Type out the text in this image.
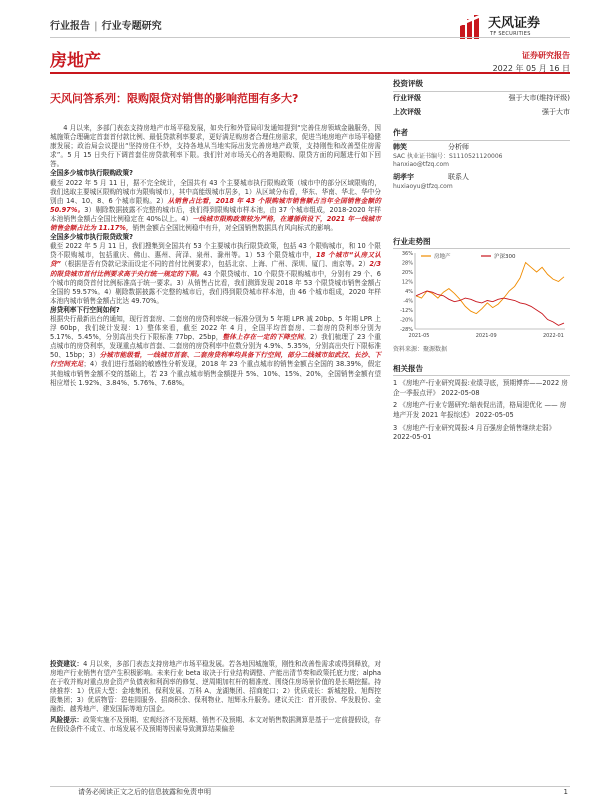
行业报告 | 行业专题研究	天风证券
TF SECURITIES
房地产	证券研究报告
2022 年 05 月 16 日
天风问答系列：限购限贷对销售的影响范围有多大?

4 月以来，多部门表态支持房地产市场平稳发展，如央行和外管局印发通知提到“完善住房领域金融服务，因城施策合理确定首套首付款比例、最低贷款利率要求，更好满足购房者合理住房需求，促进当地房地产市场平稳健康发展；政治局会议提出“坚持房住不炒，支持各地从当地实际出发完善房地产政策，支持刚性和改善型住房需求”。5 月 15 日央行下调首套住房贷款利率下限。我们针对市场关心的各地限购、限贷方面的问题进行如下回答。

全国多少城市执行限购政策?

截至 2022 年 5 月 11 日，据不完全统计，全国共有 43 个主要城市执行限购政策（城市中的部分区域限购的，我们选取主要城区限购的城市为限购城市），其中高能级城市居多，1）从区域分布看，华东、华南、华北、华中分别由 14、10、8、6 个城市限购。2）从销售占比看，2018 年 43 个限购城市销售额占当年全国销售金额的 50.97%。3）剔除数据披露不完整的城市后，我们得到限购城市样本池，由 37 个城市组成，2018-2020 年样本池销售金额占全国比例稳定在 40%以上。4）一线城市限购政策较为严格，在遵循供设下，2021 年一线城市销售金额占比为 11.17%，销售金额占全国比例稳中有升，对全国销售数据具有风向标式的影响。

全国多少城市执行限贷政策?

截至 2022 年 5 月 11 日，我们搜集到全国共有 53 个主要城市执行限贷政策，包括 43 个限购城市，和 10 个限贷不限购城市，包括重庆、佛山、惠州、菏泽、泉州、滁州等。1）53 个限贷城市中，18 个城市“认房又认贷”（根据是否有贷款记录而设定不同的首付比例要求），包括北京、上海、广州、深圳、厦门、南京等。2）2/3 的限贷城市首付比例要求高于央行统一规定的下限。43 个限贷城市、10 个限贷不限购城市中，分别有 29 个、6 个城市的商贷首付比例标准高于统一要求。3）从销售占比看，我们测算发现 2018 年 53 个限贷城市销售金额占全国的 59.57%。4）剔除数据披露不完整的城市后，我们得到限贷城市样本池，由 46 个城市组成，2020 年样本池内城市销售金额占比达 49.70%。

房贷利率下行空间如何?

根据央行最新出台的通知，现行首套房、二套房的房贷利率统一标准分别为 5 年期 LPR 减 20bp、5 年期 LPR 上浮 60bp，我们统计发现：1）整体来看，截至 2022 年 4 月，全国平均首套房、二套房的贷利率分别为 5.17%、5.45%，分别高出央行下限标准 77bp、25bp，整体上存在一定的下降空间。2）我们梳理了 23 个重点城市的房贷利率，发现重点城市首套、二套房的房贷利率中位数分别为 4.9%、5.35%，分别高出央行下限标准 50、15bp；3）分城市能级看，一线城市首套、二套房贷利率均具备下行空间，部分二线城市如武汉、长沙、下行空间充足；4）我们进行基础的敏感性分析发现，2018 年 23 个重点城市的销售金额占全国的 38.39%，假定其他城市销售金额不变的基础上，若 23 个重点城市销售金额提升 5%、10%、15%、20%，全国销售金额有望相应增长 1.92%、3.84%、5.76%、7.68%。

投资建议：4 月以来，多部门表态支持房地产市场平稳发展。若各地因城施策，刚性和改善性需求或得到释放，对房地产行业销售有望产生积极影响。未来行业 beta 取决于行业结构调整、产能出清节奏和政策托底力度；alpha 在于收并购对重点房企资产负债表和利润率的修复、逆周期加杠杆的精准度、围绕住房场景价值的是长期挖掘。持续推荐：1）优质大型：金地集团、保利发展、万科 A、龙湖集团、招商蛇口；2）优质成长：新城控股、旭辉控股集团；3）优质物管：碧桂园服务、招商积余、保利物业、旭辉永升服务。建议关注：首开股份、华发股份、金融街、越秀地产、建发国际等地方国企。

风险提示：政策实施不及预期、宏观经济不及预期、销售不及预期、本文对销售数据测算是基于一定前提假设，存在假设条件不成立、市场发展不及预期等因素导致测算结果偏差

投资评级
行业评级	强于大市(维持评级)
上次评级	强于大市
作者
韩笑	分析师
SAC 执业证书编号：S1110521120006
hanxiao@tfzq.com
胡孝宇	联系人
huxiaoyu@tfzq.com
行业走势图
36%
28%
20%
12%
4%
-4%
-12%
-20%
-28%
2021-05	2021-09	2022-01
房地产	沪深300
资料来源：聚源数据
相关报告
1 《房地产-行业研究周报:业绩寻底，预期博弈——2022 房企一季报点评》 2022-05-08
2 《房地产-行业专题研究:缩表促出清，格局迎优化 —— 房地产开发 2021 年报综述》 2022-05-05
3 《房地产-行业研究周报:4 月百强房企销售继续走弱》 2022-05-01
请务必阅读正文之后的信息披露和免责申明	1
